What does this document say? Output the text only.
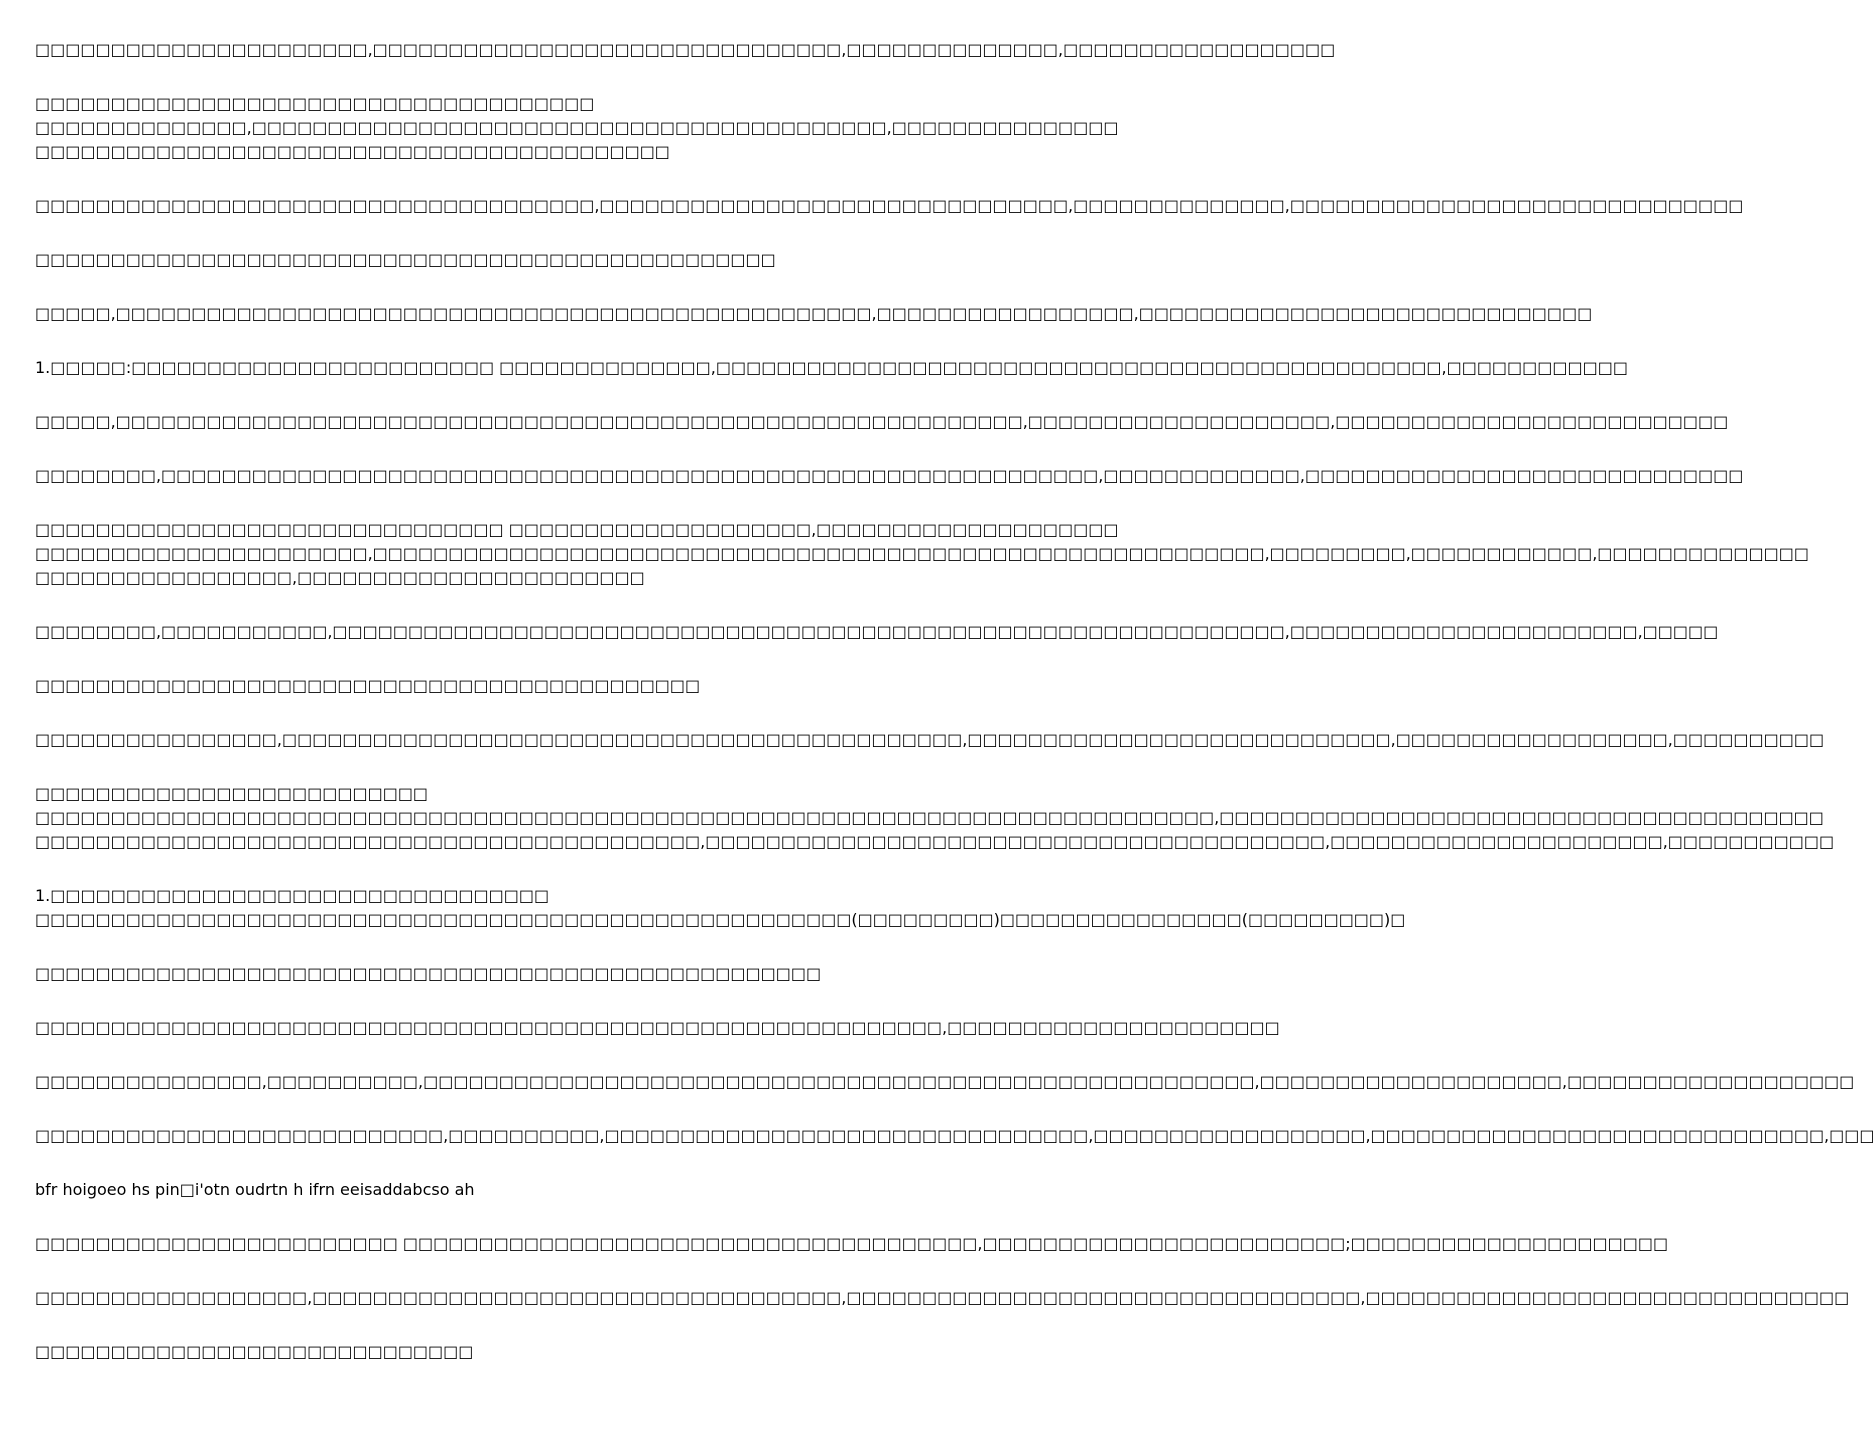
□□□□□□□□□□□□□□□□□□□□□□,□□□□□□□□□□□□□□□□□□□□□□□□□□□□□□□,□□□□□□□□□□□□□□,□□□□□□□□□□□□□□□□□□
□□□□□□□□□□□□□□□□□□□□□□□□□□□□□□□□□□□□□
□□□□□□□□□□□□□□,□□□□□□□□□□□□□□□□□□□□□□□□□□□□□□□□□□□□□□□□□□,□□□□□□□□□□□□□□□
□□□□□□□□□□□□□□□□□□□□□□□□□□□□□□□□□□□□□□□□□□
□□□□□□□□□□□□□□□□□□□□□□□□□□□□□□□□□□□□□,□□□□□□□□□□□□□□□□□□□□□□□□□□□□□□□,□□□□□□□□□□□□□□,□□□□□□□□□□□□□□□□□□□□□□□□□□□□□□
□□□□□□□□□□□□□□□□□□□□□□□□□□□□□□□□□□□□□□□□□□□□□□□□□
□□□□□,□□□□□□□□□□□□□□□□□□□□□□□□□□□□□□□□□□□□□□□□□□□□□□□□□□,□□□□□□□□□□□□□□□□□,□□□□□□□□□□□□□□□□□□□□□□□□□□□□□□
1.□□□□□:□□□□□□□□□□□□□□□□□□□□□□□□ □□□□□□□□□□□□□□,□□□□□□□□□□□□□□□□□□□□□□□□□□□□□□□□□□□□□□□□□□□□□□□□,□□□□□□□□□□□□
□□□□□,□□□□□□□□□□□□□□□□□□□□□□□□□□□□□□□□□□□□□□□□□□□□□□□□□□□□□□□□□□□□,□□□□□□□□□□□□□□□□□□□□,□□□□□□□□□□□□□□□□□□□□□□□□□□
□□□□□□□□,□□□□□□□□□□□□□□□□□□□□□□□□□□□□□□□□□□□□□□□□□□□□□□□□□□□□□□□□□□□□□□,□□□□□□□□□□□□□,□□□□□□□□□□□□□□□□□□□□□□□□□□□□□
□□□□□□□□□□□□□□□□□□□□□□□□□□□□□□□ □□□□□□□□□□□□□□□□□□□□,□□□□□□□□□□□□□□□□□□□□
□□□□□□□□□□□□□□□□□□□□□□,□□□□□□□□□□□□□□□□□□□□□□□□□□□□□□□□□□□□□□□□□□□□□□□□□□□□□□□□□□□,□□□□□□□□□,□□□□□□□□□□□□,□□□□□□□□□□□□□□
□□□□□□□□□□□□□□□□□,□□□□□□□□□□□□□□□□□□□□□□□
□□□□□□□□,□□□□□□□□□□□,□□□□□□□□□□□□□□□□□□□□□□□□□□□□□□□□□□□□□□□□□□□□□□□□□□□□□□□□□□□□□□□,□□□□□□□□□□□□□□□□□□□□□□□,□□□□□
□□□□□□□□□□□□□□□□□□□□□□□□□□□□□□□□□□□□□□□□□□□□
□□□□□□□□□□□□□□□□,□□□□□□□□□□□□□□□□□□□□□□□□□□□□□□□□□□□□□□□□□□□□□,□□□□□□□□□□□□□□□□□□□□□□□□□□□□,□□□□□□□□□□□□□□□□□□,□□□□□□□□□□
□□□□□□□□□□□□□□□□□□□□□□□□□□
□□□□□□□□□□□□□□□□□□□□□□□□□□□□□□□□□□□□□□□□□□□□□□□□□□□□□□□□□□□□□□□□□□□□□□□□□□□□□□,□□□□□□□□□□□□□□□□□□□□□□□□□□□□□□□□□□□□□□□□
□□□□□□□□□□□□□□□□□□□□□□□□□□□□□□□□□□□□□□□□□□□□,□□□□□□□□□□□□□□□□□□□□□□□□□□□□□□□□□□□□□□□□□,□□□□□□□□□□□□□□□□□□□□□□,□□□□□□□□□□□
1.□□□□□□□□□□□□□□□□□□□□□□□□□□□□□□□□□
□□□□□□□□□□□□□□□□□□□□□□□□□□□□□□□□□□□□□□□□□□□□□□□□□□□□□□(□□□□□□□□□)□□□□□□□□□□□□□□□□(□□□□□□□□□)□
□□□□□□□□□□□□□□□□□□□□□□□□□□□□□□□□□□□□□□□□□□□□□□□□□□□□
□□□□□□□□□□□□□□□□□□□□□□□□□□□□□□□□□□□□□□□□□□□□□□□□□□□□□□□□□□□□,□□□□□□□□□□□□□□□□□□□□□□
□□□□□□□□□□□□□□□,□□□□□□□□□□,□□□□□□□□□□□□□□□□□□□□□□□□□□□□□□□□□□□□□□□□□□□□□□□□□□□□□□□,□□□□□□□□□□□□□□□□□□□□,□□□□□□□□□□□□□□□□□□□
□□□□□□□□□□□□□□□□□□□□□□□□□□□,□□□□□□□□□□,□□□□□□□□□□□□□□□□□□□□□□□□□□□□□□□□,□□□□□□□□□□□□□□□□□□,□□□□□□□□□□□□□□□□□□□□□□□□□□□□□□,□□□
bfr hoigoeo hs pin□i'otn oudrtn h ifrn eeisaddabcso ah
□□□□□□□□□□□□□□□□□□□□□□□□ □□□□□□□□□□□□□□□□□□□□□□□□□□□□□□□□□□□□□□,□□□□□□□□□□□□□□□□□□□□□□□□;□□□□□□□□□□□□□□□□□□□□□
□□□□□□□□□□□□□□□□□□,□□□□□□□□□□□□□□□□□□□□□□□□□□□□□□□□□□□,□□□□□□□□□□□□□□□□□□□□□□□□□□□□□□□□□□,□□□□□□□□□□□□□□□□□□□□□□□□□□□□□□□□
□□□□□□□□□□□□□□□□□□□□□□□□□□□□□
